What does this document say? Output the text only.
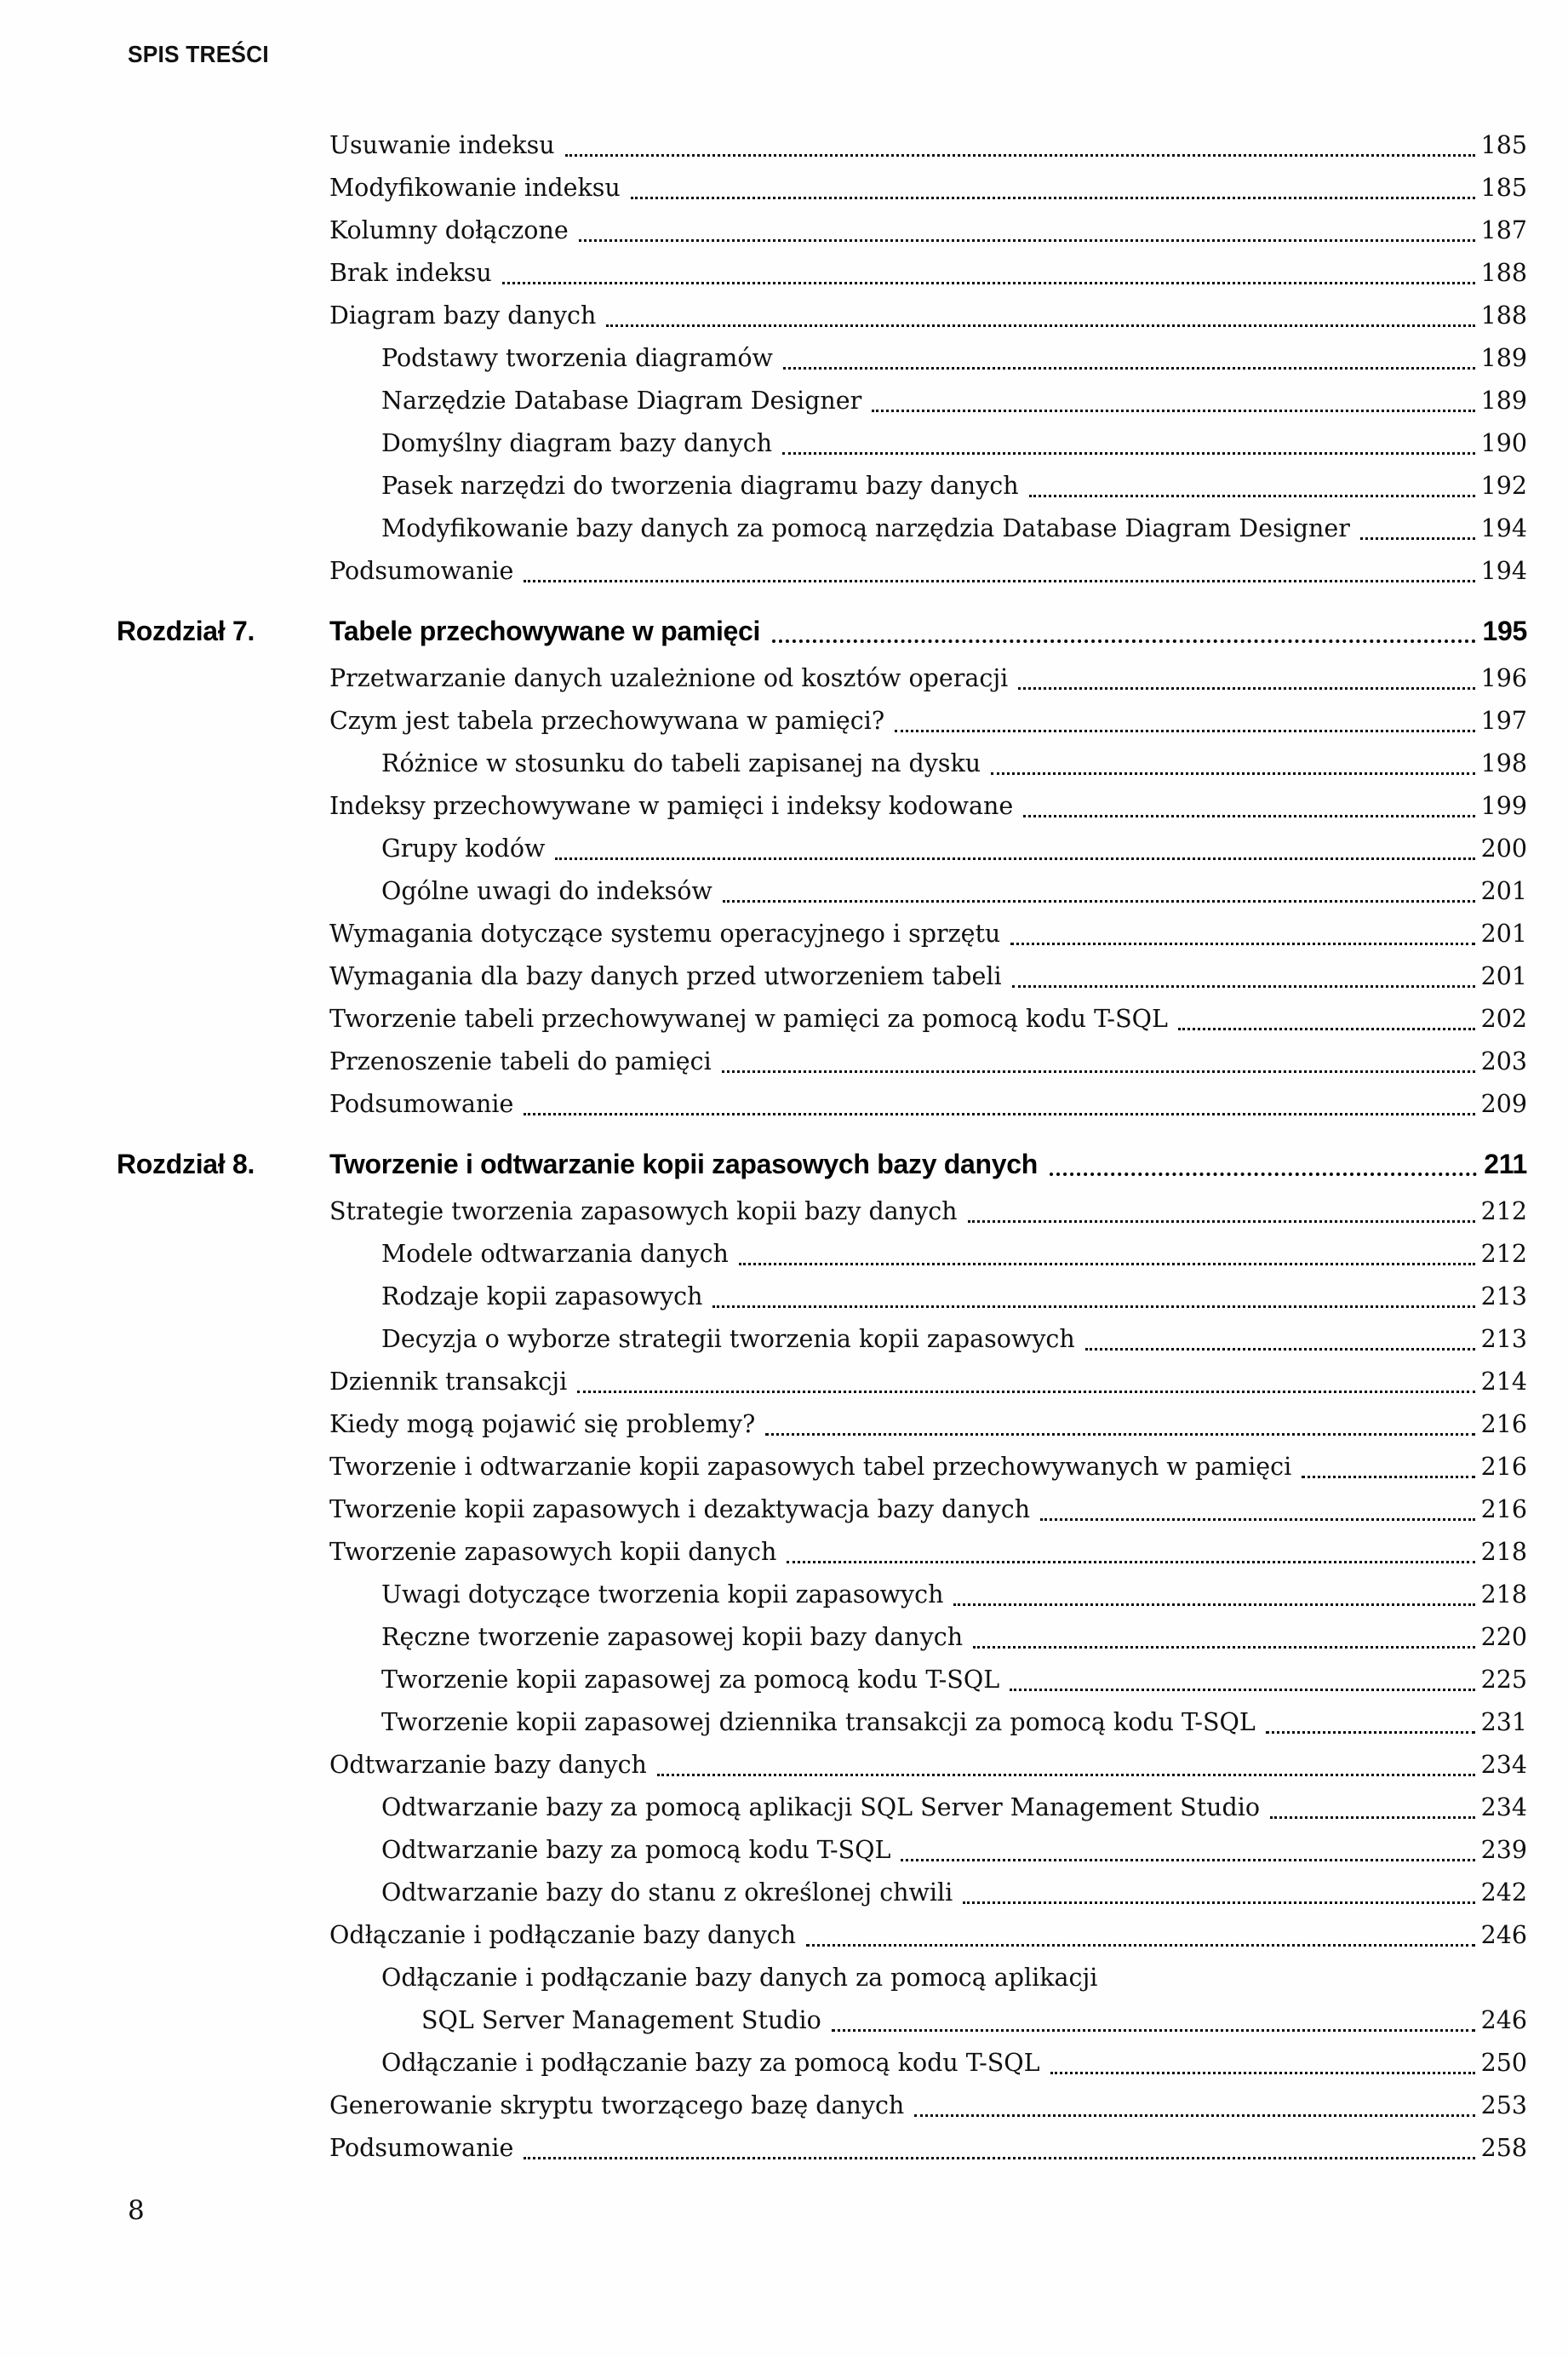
SPIS TREŚCI
Usuwanie indeksu	185
Modyfikowanie indeksu	185
Kolumny dołączone	187
Brak indeksu	188
Diagram bazy danych	188
Podstawy tworzenia diagramów	189
Narzędzie Database Diagram Designer	189
Domyślny diagram bazy danych	190
Pasek narzędzi do tworzenia diagramu bazy danych	192
Modyfikowanie bazy danych za pomocą narzędzia Database Diagram Designer	194
Podsumowanie	194
Rozdział 7.	Tabele przechowywane w pamięci	195
Przetwarzanie danych uzależnione od kosztów operacji	196
Czym jest tabela przechowywana w pamięci?	197
Różnice w stosunku do tabeli zapisanej na dysku	198
Indeksy przechowywane w pamięci i indeksy kodowane	199
Grupy kodów	200
Ogólne uwagi do indeksów	201
Wymagania dotyczące systemu operacyjnego i sprzętu	201
Wymagania dla bazy danych przed utworzeniem tabeli	201
Tworzenie tabeli przechowywanej w pamięci za pomocą kodu T-SQL	202
Przenoszenie tabeli do pamięci	203
Podsumowanie	209
Rozdział 8.	Tworzenie i odtwarzanie kopii zapasowych bazy danych	211
Strategie tworzenia zapasowych kopii bazy danych	212
Modele odtwarzania danych	212
Rodzaje kopii zapasowych	213
Decyzja o wyborze strategii tworzenia kopii zapasowych	213
Dziennik transakcji	214
Kiedy mogą pojawić się problemy?	216
Tworzenie i odtwarzanie kopii zapasowych tabel przechowywanych w pamięci	216
Tworzenie kopii zapasowych i dezaktywacja bazy danych	216
Tworzenie zapasowych kopii danych	218
Uwagi dotyczące tworzenia kopii zapasowych	218
Ręczne tworzenie zapasowej kopii bazy danych	220
Tworzenie kopii zapasowej za pomocą kodu T-SQL	225
Tworzenie kopii zapasowej dziennika transakcji za pomocą kodu T-SQL	231
Odtwarzanie bazy danych	234
Odtwarzanie bazy za pomocą aplikacji SQL Server Management Studio	234
Odtwarzanie bazy za pomocą kodu T-SQL	239
Odtwarzanie bazy do stanu z określonej chwili	242
Odłączanie i podłączanie bazy danych	246
Odłączanie i podłączanie bazy danych za pomocą aplikacji
SQL Server Management Studio	246
Odłączanie i podłączanie bazy za pomocą kodu T-SQL	250
Generowanie skryptu tworzącego bazę danych	253
Podsumowanie	258
8
